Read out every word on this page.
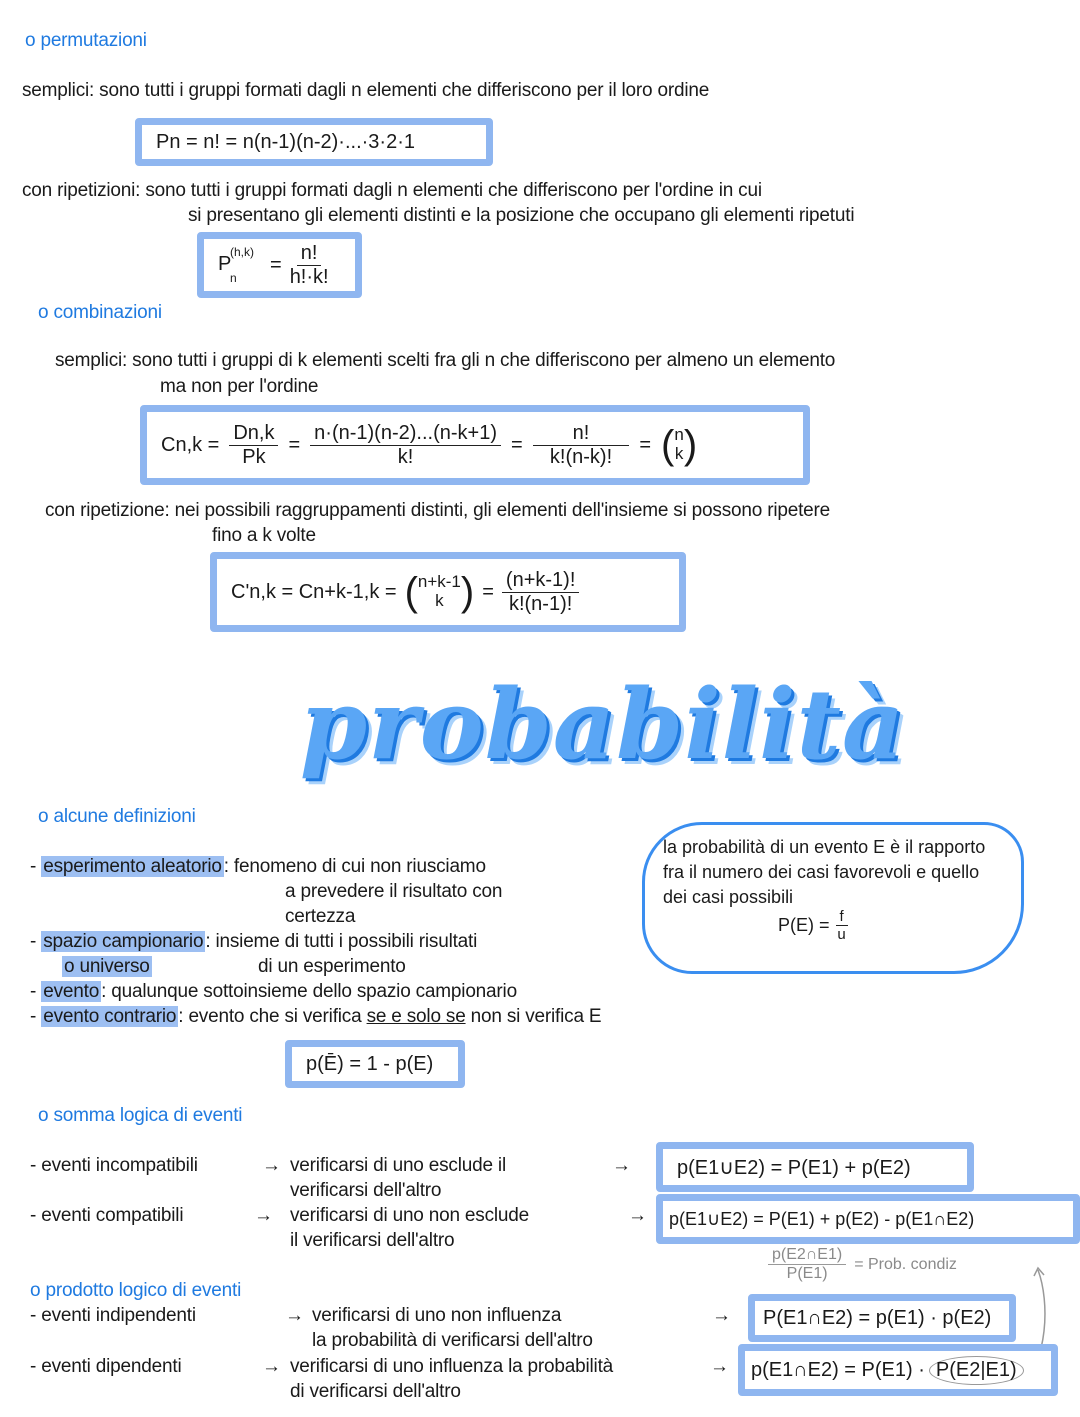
o permutazioni
semplici: sono tutti i gruppi formati dagli n elementi che differiscono per il loro ordine
Pn = n! = n(n-1)(n-2)·...·3·2·1
con ripetizioni: sono tutti i gruppi formati dagli n elementi che differiscono per l'ordine in cui
si presentano gli elementi distinti e la posizione che occupano gli elementi ripetuti
P
(h,k)
n
= $\frac{n!}{h!\cdot k!}$
o combinazioni
semplici: sono tutti i gruppi di k elementi scelti fra gli n che differiscono per almeno un elemento
ma non per l'ordine
$Cn,k = \frac{Dn,k}{Pk} = \frac{n\cdot(n-1)(n-2)...(n-k+1)}{k!} = \frac{n!}{k!(n-k)!}$ = ( n
k )
con ripetizione: nei possibili raggruppamenti distinti, gli elementi dell'insieme si possono ripetere
fino a k volte
C'n,k = Cn+k-1,k = ( n+k-1
k ) = $\frac{(n+k-1)!}{k!(n-1)!}$
probabilità
o alcune definizioni
- esperimento aleatorio : fenomeno di cui non riusciamo
a prevedere il risultato con
certezza
- spazio campionario : insieme di tutti i possibili risultati
o universo	di un esperimento
- evento : qualunque sottoinsieme dello spazio campionario
- evento contrario : evento che si verifica se e solo se non si verifica E
p(Ē) = 1 - p(E)
la probabilità di un evento E è il rapporto fra il numero dei casi favorevoli e quello dei casi possibili
$P(E) = \frac{f}{u}$
o somma logica di eventi
- eventi incompatibili	→ verificarsi di uno esclude il
verificarsi dell'altro
→ p(E1∪E2) = P(E1) + p(E2)
- eventi compatibili	→ verificarsi di uno non esclude
il verificarsi dell'altro
→ p(E1∪E2) = P(E1) + p(E2) - p(E1∩E2)
$\frac{p(E2\cap E1)}{P(E1)}$ = Prob. condiz
o prodotto logico di eventi
- eventi indipendenti	→ verificarsi di uno non influenza
la probabilità di verificarsi dell'altro
→ P(E1∩E2) = p(E1) · p(E2)
- eventi dipendenti	→ verificarsi di uno influenza la probabilità
di verificarsi dell'altro
→ p(E1∩E2) = P(E1) · P(E2|E1)
